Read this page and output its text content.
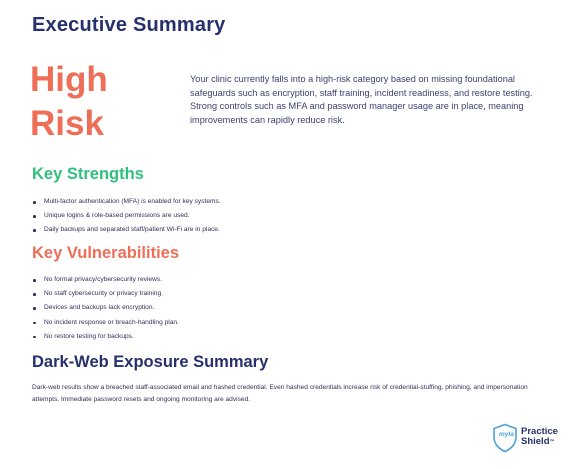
Executive Summary
High
Risk
Your clinic currently falls into a high-risk category based on missing foundational safeguards such as encryption, staff training, incident readiness, and restore testing. Strong controls such as MFA and password manager usage are in place, meaning improvements can rapidly reduce risk.
Key Strengths
Multi-factor authentication (MFA) is enabled for key systems.
Unique logins & role-based permissions are used.
Daily backups and separated staff/patient Wi-Fi are in place.
Key Vulnerabilities
No formal privacy/cybersecurity reviews.
No staff cybersecurity or privacy training.
Devices and backups lack encryption.
No incident response or breach-handling plan.
No restore testing for backups.
Dark-Web Exposure Summary
Dark-web results show a breached staff-associated email and hashed credential. Even hashed credentials increase risk of credential-stuffing, phishing, and impersonation attempts. Immediate password resets and ongoing monitoring are advised.
myla Practice
Shield™
